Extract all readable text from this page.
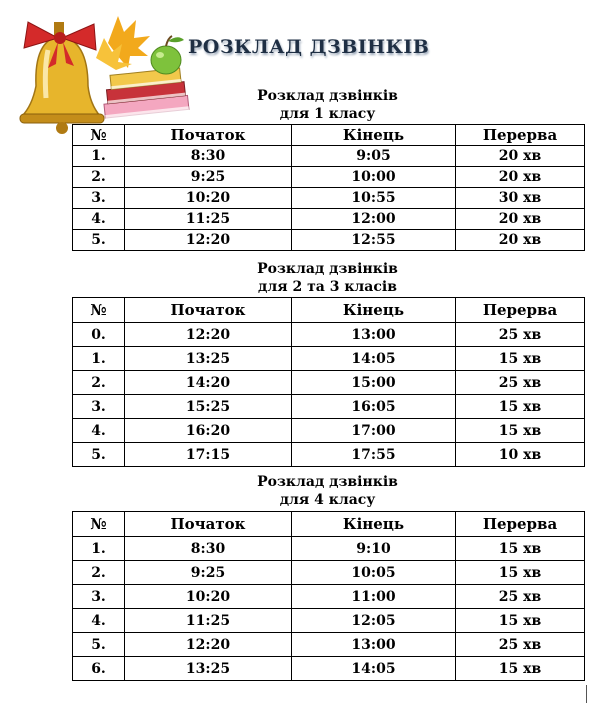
РОЗКЛАД ДЗВІНКІВ
Розклад дзвінків
для 1 класу
№	Початок	Кінець	Перерва
1.	8:30	9:05	20 хв
2.	9:25	10:00	20 хв
3.	10:20	10:55	30 хв
4.	11:25	12:00	20 хв
5.	12:20	12:55	20 хв
Розклад дзвінків
для 2 та 3 класів
№	Початок	Кінець	Перерва
0.	12:20	13:00	25 хв
1.	13:25	14:05	15 хв
2.	14:20	15:00	25 хв
3.	15:25	16:05	15 хв
4.	16:20	17:00	15 хв
5.	17:15	17:55	10 хв
Розклад дзвінків
для 4 класу
№	Початок	Кінець	Перерва
1.	8:30	9:10	15 хв
2.	9:25	10:05	15 хв
3.	10:20	11:00	25 хв
4.	11:25	12:05	15 хв
5.	12:20	13:00	25 хв
6.	13:25	14:05	15 хв
